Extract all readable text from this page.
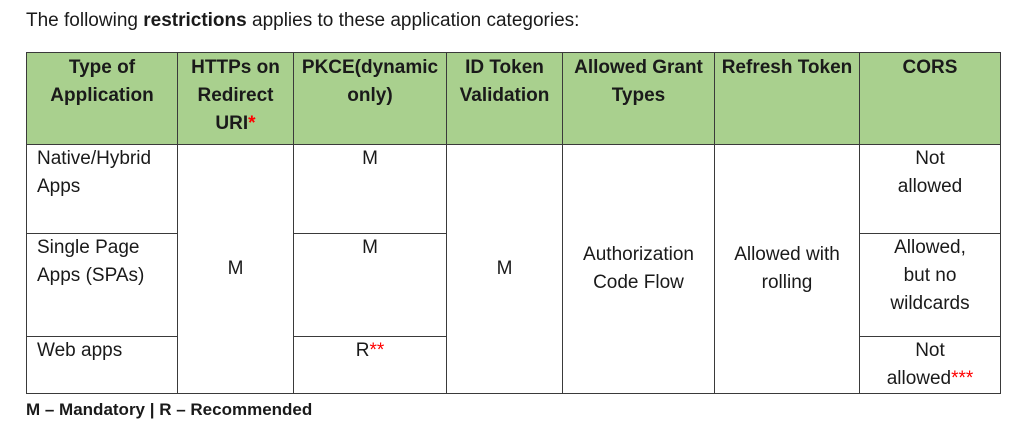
The following restrictions applies to these application categories:
Type of Application	HTTPs on Redirect URI*	PKCE(dynamic only)	ID Token Validation	Allowed Grant Types	Refresh Token	CORS
Native/Hybrid Apps	M	M	M	Authorization Code Flow	Allowed with rolling	Not allowed

Single Page Apps (SPAs)		M				Allowed, but no wildcards

Web apps		R**				Not allowed***
M – Mandatory | R – Recommended
